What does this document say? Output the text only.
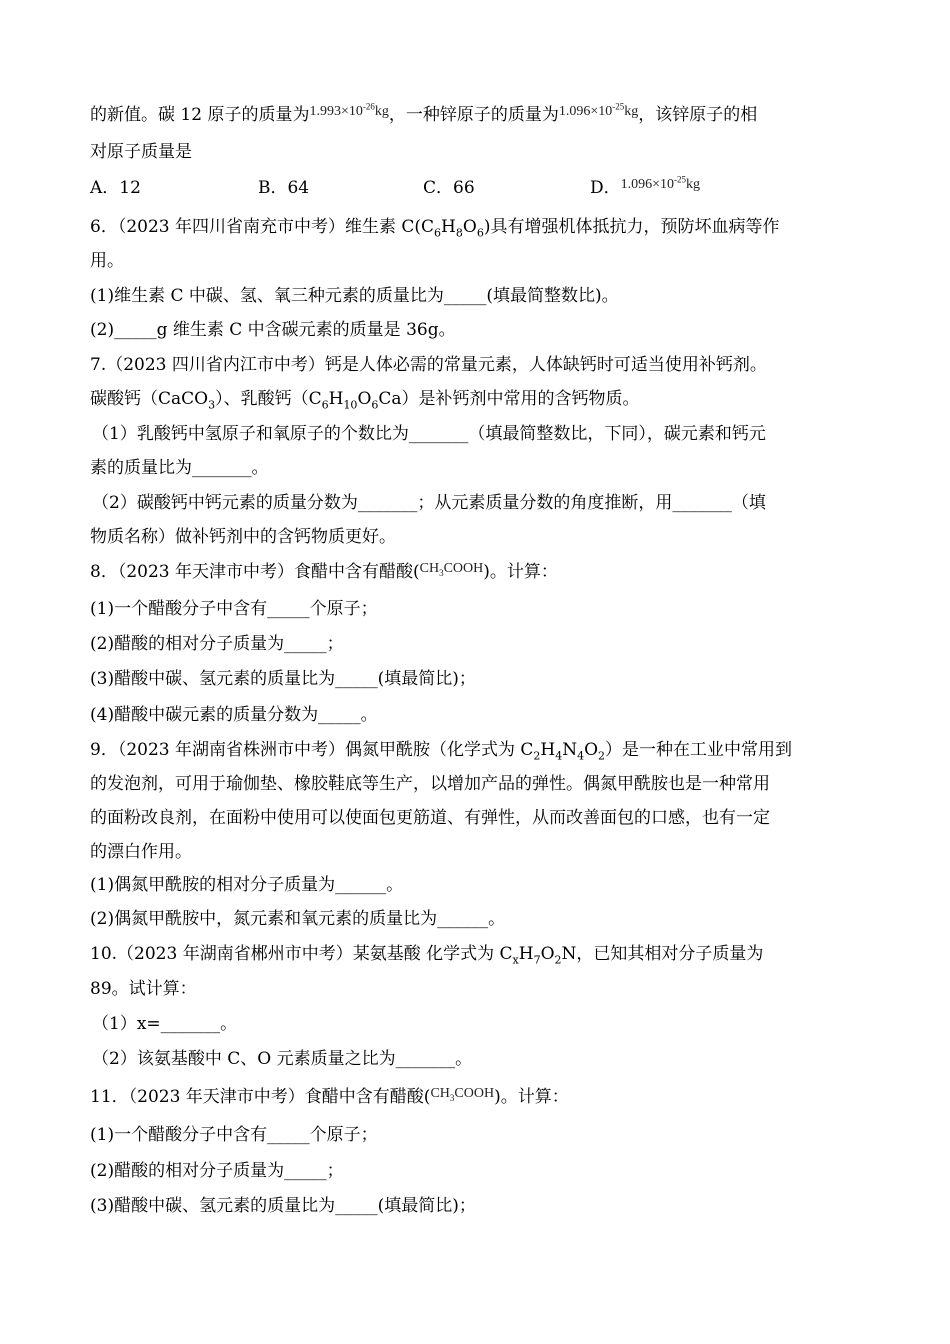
的新值。碳 12 原子的质量为$^{1.993\times 10^{-26}kg}$，一种锌原子的质量为$^{1.096\times 10^{-25}kg}$，该锌原子的相
对原子质量是
A．12	B．64	C．66	D．$^{1.096\times 10^{-25}kg}$
6．（2023 年四川省南充市中考）维生素 $C(C_6H_8O_6)$具有增强机体抵抗力，预防坏血病等作
用。
(1)维生素 C 中碳、氢、氧三种元素的质量比为_____(填最简整数比)。
(2)_____g 维生素 C 中含碳元素的质量是 36g。
7.（2023 四川省内江市中考）钙是人体必需的常量元素，人体缺钙时可适当使用补钙剂。
碳酸钙（CaCO$_3$）、乳酸钙$(C_6H_{10}O_6Ca)$是补钙剂中常用的含钙物质。
（1）乳酸钙中氢原子和氧原子的个数比为_______（填最简整数比，下同），碳元素和钙元
素的质量比为_______。
（2）碳酸钙中钙元素的质量分数为_______；从元素质量分数的角度推断，用_______（填
物质名称）做补钙剂中的含钙物质更好。
8．（2023 年天津市中考）食醋中含有醋酸($^{CH_3COOH}$)。计算：
(1)一个醋酸分子中含有_____个原子；
(2)醋酸的相对分子质量为_____；
(3)醋酸中碳、氢元素的质量比为_____(填最简比)；
(4)醋酸中碳元素的质量分数为_____。
9．（2023 年湖南省株洲市中考）偶氮甲酰胺（化学式为 $C_2H_4N_4O_2$）是一种在工业中常用到
的发泡剂，可用于瑜伽垫、橡胶鞋底等生产，以增加产品的弹性。偶氮甲酰胺也是一种常用
的面粉改良剂，在面粉中使用可以使面包更筋道、有弹性，从而改善面包的口感，也有一定
的漂白作用。
(1)偶氮甲酰胺的相对分子质量为______。
(2)偶氮甲酰胺中，氮元素和氧元素的质量比为______。
10.（2023 年湖南省郴州市中考）某氨基酸 化学式为 $C_xH_7O_2N$，已知其相对分子质量为
89。试计算：
（1）x=_______。
（2）该氨基酸中 C、O 元素质量之比为_______。
11．（2023 年天津市中考）食醋中含有醋酸($^{CH_3COOH}$)。计算：
(1)一个醋酸分子中含有_____个原子；
(2)醋酸的相对分子质量为_____；
(3)醋酸中碳、氢元素的质量比为_____(填最简比)；
